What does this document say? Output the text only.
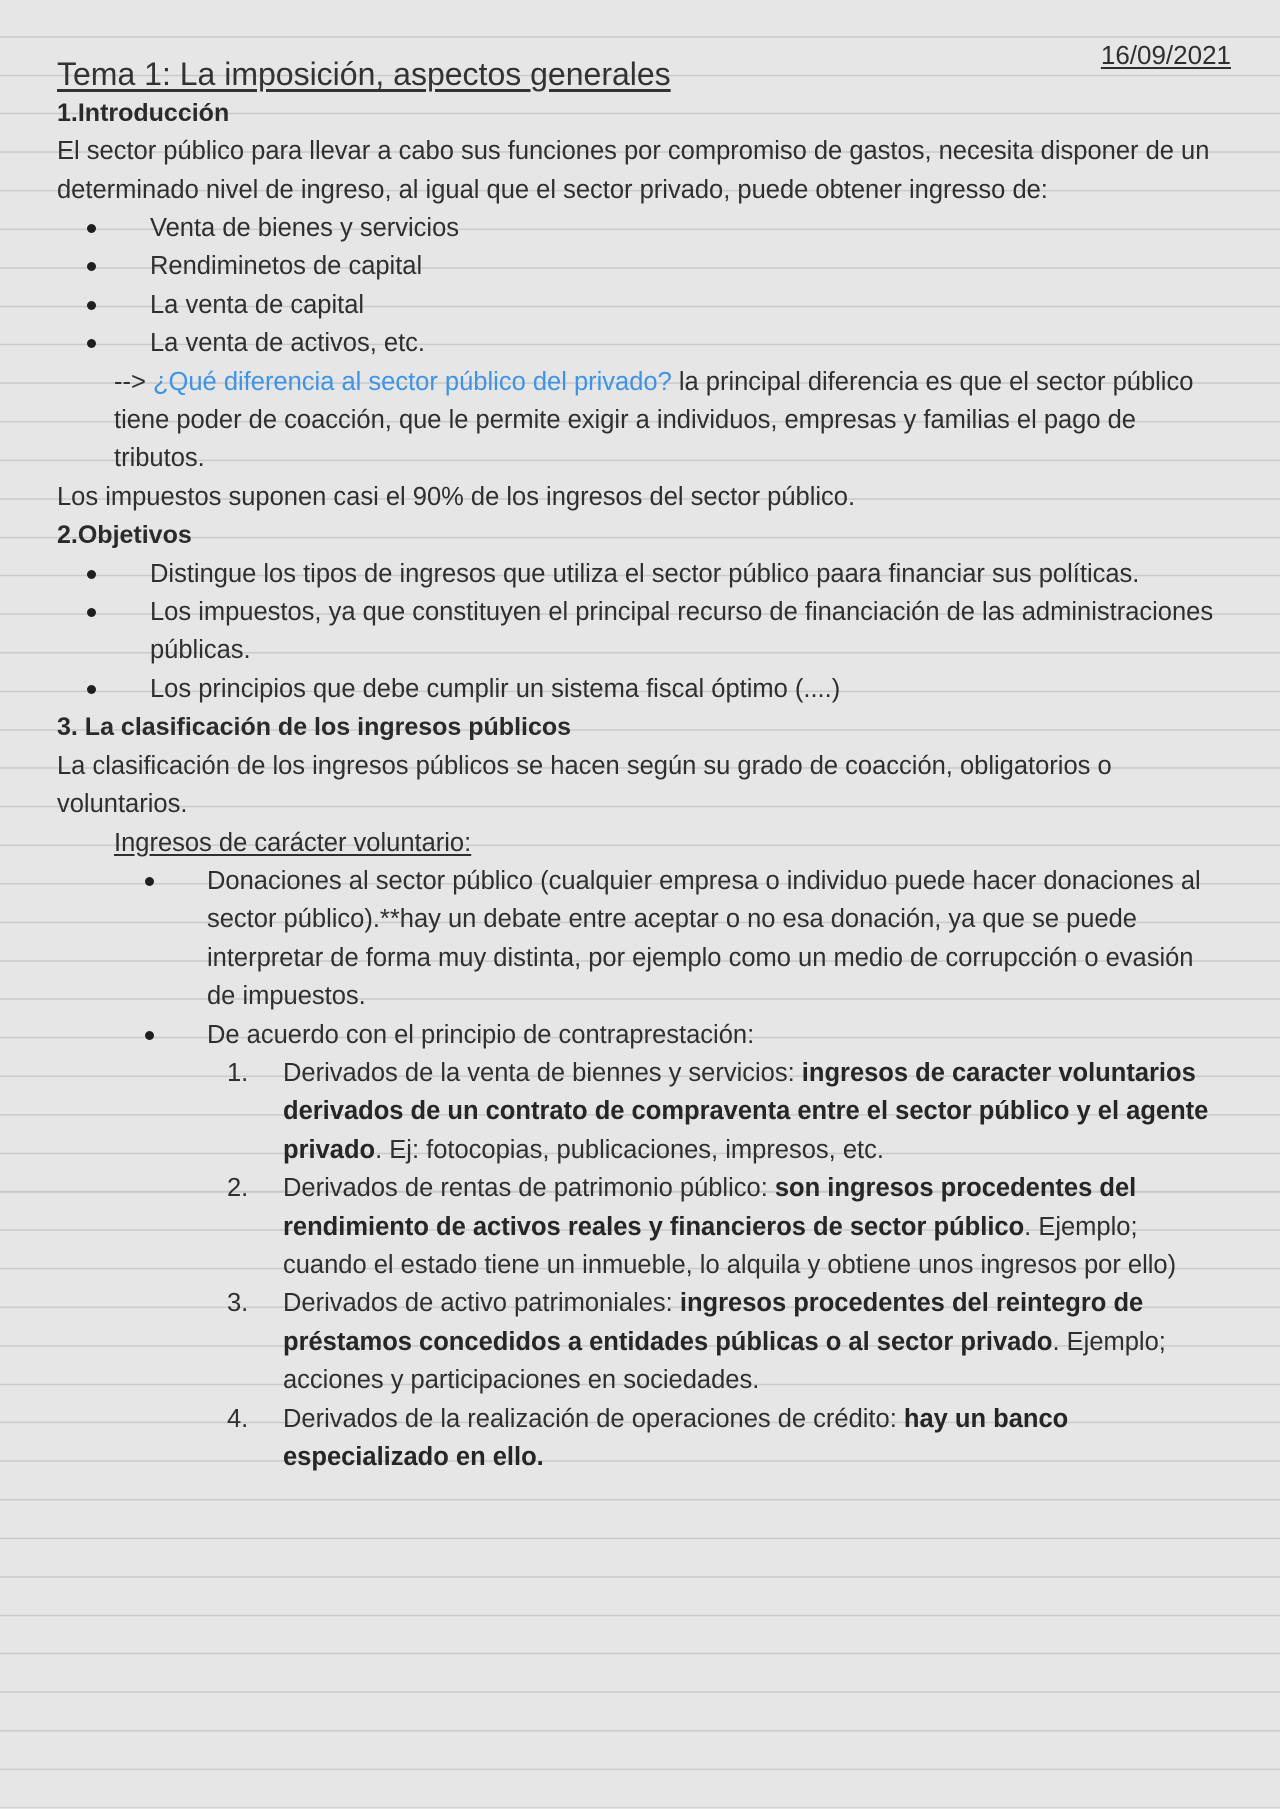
16/09/2021
Tema 1: La imposición, aspectos generales
1.Introducción

El sector público para llevar a cabo sus funciones por compromiso de gastos, necesita disponer de un determinado nivel de ingreso, al igual que el sector privado, puede obtener ingresso de:

Venta de bienes y servicios
Rendiminetos de capital
La venta de capital
La venta de activos, etc.

--> ¿Qué diferencia al sector público del privado? la principal diferencia es que el sector público tiene poder de coacción, que le permite exigir a individuos, empresas y familias el pago de tributos.

Los impuestos suponen casi el 90% de los ingresos del sector público.

2.Objetivos
Distingue los tipos de ingresos que utiliza el sector público paara financiar sus políticas.
Los impuestos, ya que constituyen el principal recurso de financiación de las administraciones públicas.
Los principios que debe cumplir un sistema fiscal óptimo (....)
3. La clasificación de los ingresos públicos

La clasificación de los ingresos públicos se hacen según su grado de coacción, obligatorios o voluntarios.

Ingresos de carácter voluntario:

Donaciones al sector público (cualquier empresa o individuo puede hacer donaciones al sector público).**hay un debate entre aceptar o no esa donación, ya que se puede interpretar de forma muy distinta, por ejemplo como un medio de corrupcción o evasión de impuestos.
De acuerdo con el principio de contraprestación:
1. Derivados de la venta de biennes y servicios: ingresos de caracter voluntarios derivados de un contrato de compraventa entre el sector público y el agente privado. Ej: fotocopias, publicaciones, impresos, etc.
2. Derivados de rentas de patrimonio público: son ingresos procedentes del rendimiento de activos reales y financieros de sector público. Ejemplo; cuando el estado tiene un inmueble, lo alquila y obtiene unos ingresos por ello)
3. Derivados de activo patrimoniales: ingresos procedentes del reintegro de préstamos concedidos a entidades públicas o al sector privado. Ejemplo; acciones y participaciones en sociedades.
4. Derivados de la realización de operaciones de crédito: hay un banco especializado en ello.
